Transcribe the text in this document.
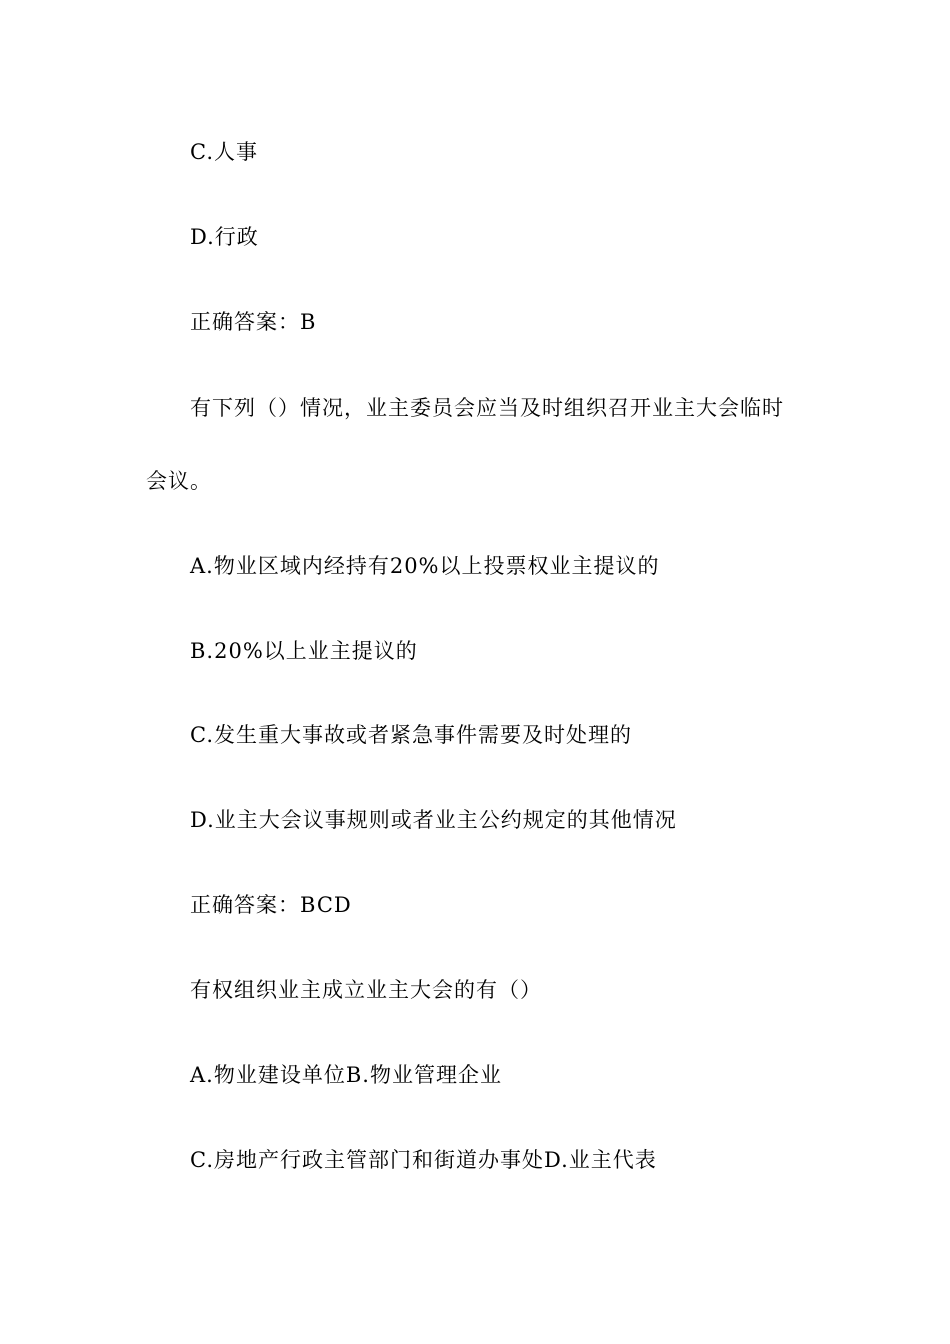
C.人事
D.行政
正确答案：B
有下列（）情况，业主委员会应当及时组织召开业主大会临时
会议。
A.物业区域内经持有20%以上投票权业主提议的
B.20%以上业主提议的
C.发生重大事故或者紧急事件需要及时处理的
D.业主大会议事规则或者业主公约规定的其他情况
正确答案：BCD
有权组织业主成立业主大会的有（）
A.物业建设单位B.物业管理企业
C.房地产行政主管部门和街道办事处D.业主代表
